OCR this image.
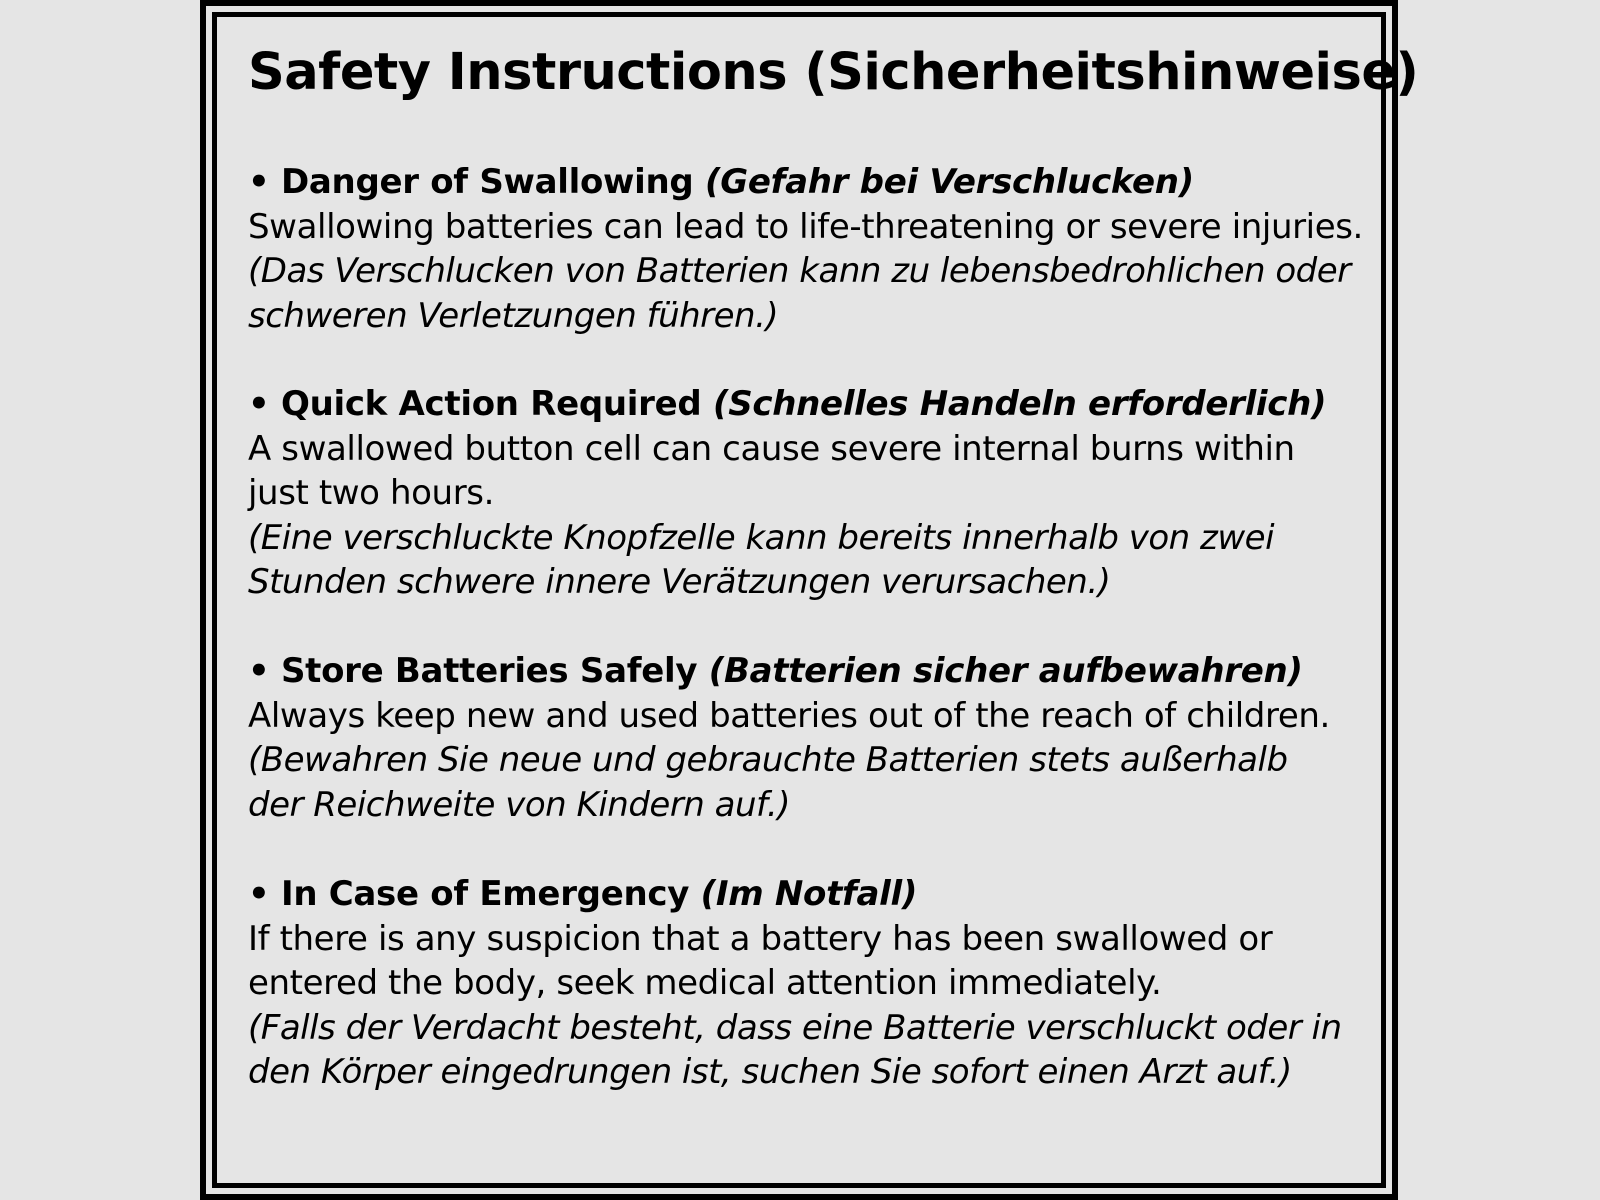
Safety Instructions (Sicherheitshinweise)
• Danger of Swallowing (Gefahr bei Verschlucken)
Swallowing batteries can lead to life-threatening or severe injuries.
(Das Verschlucken von Batterien kann zu lebensbedrohlichen oder
schweren Verletzungen führen.)
• Quick Action Required (Schnelles Handeln erforderlich)
A swallowed button cell can cause severe internal burns within
just two hours.
(Eine verschluckte Knopfzelle kann bereits innerhalb von zwei
Stunden schwere innere Verätzungen verursachen.)
• Store Batteries Safely (Batterien sicher aufbewahren)
Always keep new and used batteries out of the reach of children.
(Bewahren Sie neue und gebrauchte Batterien stets außerhalb
der Reichweite von Kindern auf.)
• In Case of Emergency (Im Notfall)
If there is any suspicion that a battery has been swallowed or
entered the body, seek medical attention immediately.
(Falls der Verdacht besteht, dass eine Batterie verschluckt oder in
den Körper eingedrungen ist, suchen Sie sofort einen Arzt auf.)
